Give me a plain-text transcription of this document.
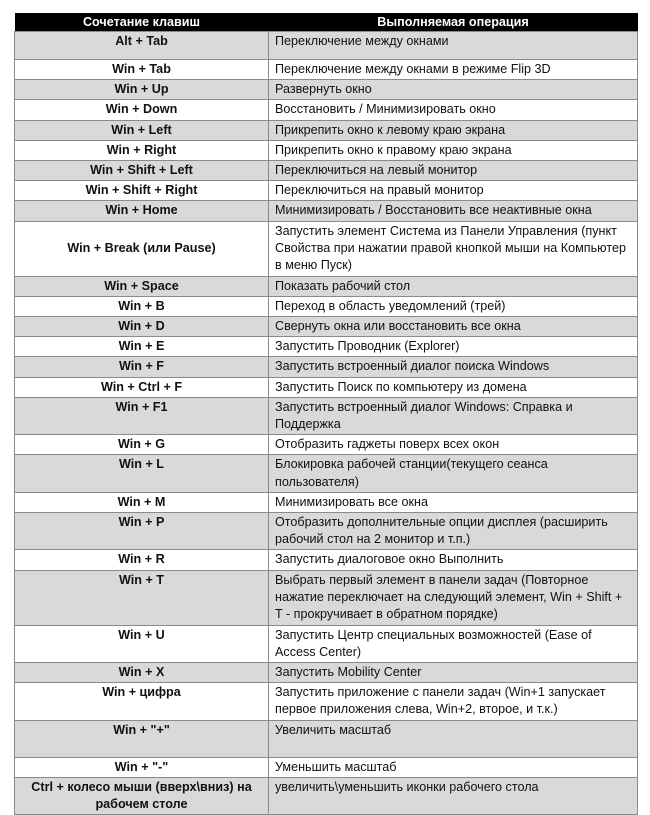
Сочетание клавиш	Выполняемая операция
Alt + Tab	Переключение между окнами
Win + Tab	Переключение между окнами в режиме Flip 3D
Win + Up	Развернуть окно
Win + Down	Восстановить / Минимизировать окно
Win + Left	Прикрепить окно к левому краю экрана
Win + Right	Прикрепить окно к правому краю экрана
Win + Shift + Left	Переключиться на левый монитор
Win + Shift + Right	Переключиться на правый монитор
Win + Home	Минимизировать / Восстановить все неактивные окна
Win + Break (или Pause)	Запустить элемент Система из Панели Управления (пункт Свойства при нажатии правой кнопкой мыши на Компьютер в меню Пуск)
Win + Space	Показать рабочий стол
Win + B	Переход в область уведомлений (трей)
Win + D	Свернуть окна или восстановить все окна
Win + E	Запустить Проводник (Explorer)
Win + F	Запустить встроенный диалог поиска Windows
Win + Ctrl + F	Запустить Поиск по компьютеру из домена
Win + F1	Запустить встроенный диалог Windows: Справка и Поддержка
Win + G	Отобразить гаджеты поверх всех окон
Win + L	Блокировка рабочей станции(текущего сеанса пользователя)
Win + M	Минимизировать все окна
Win + P	Отобразить дополнительные опции дисплея (расширить рабочий стол на 2 монитор и т.п.)
Win + R	Запустить диалоговое окно Выполнить
Win + T	Выбрать первый элемент в панели задач (Повторное нажатие переключает на следующий элемент, Win + Shift + T - прокручивает в обратном порядке)
Win + U	Запустить Центр специальных возможностей (Ease of Access Center)
Win + X	Запустить Mobility Center
Win + цифра	Запустить приложение с панели задач (Win+1 запускает первое приложения слева, Win+2, второе, и т.к.)
Win + "+"	Увеличить масштаб
Win + "-"	Уменьшить масштаб
Ctrl + колесо мыши (вверх\вниз) на рабочем столе	увеличить\уменьшить иконки рабочего стола
